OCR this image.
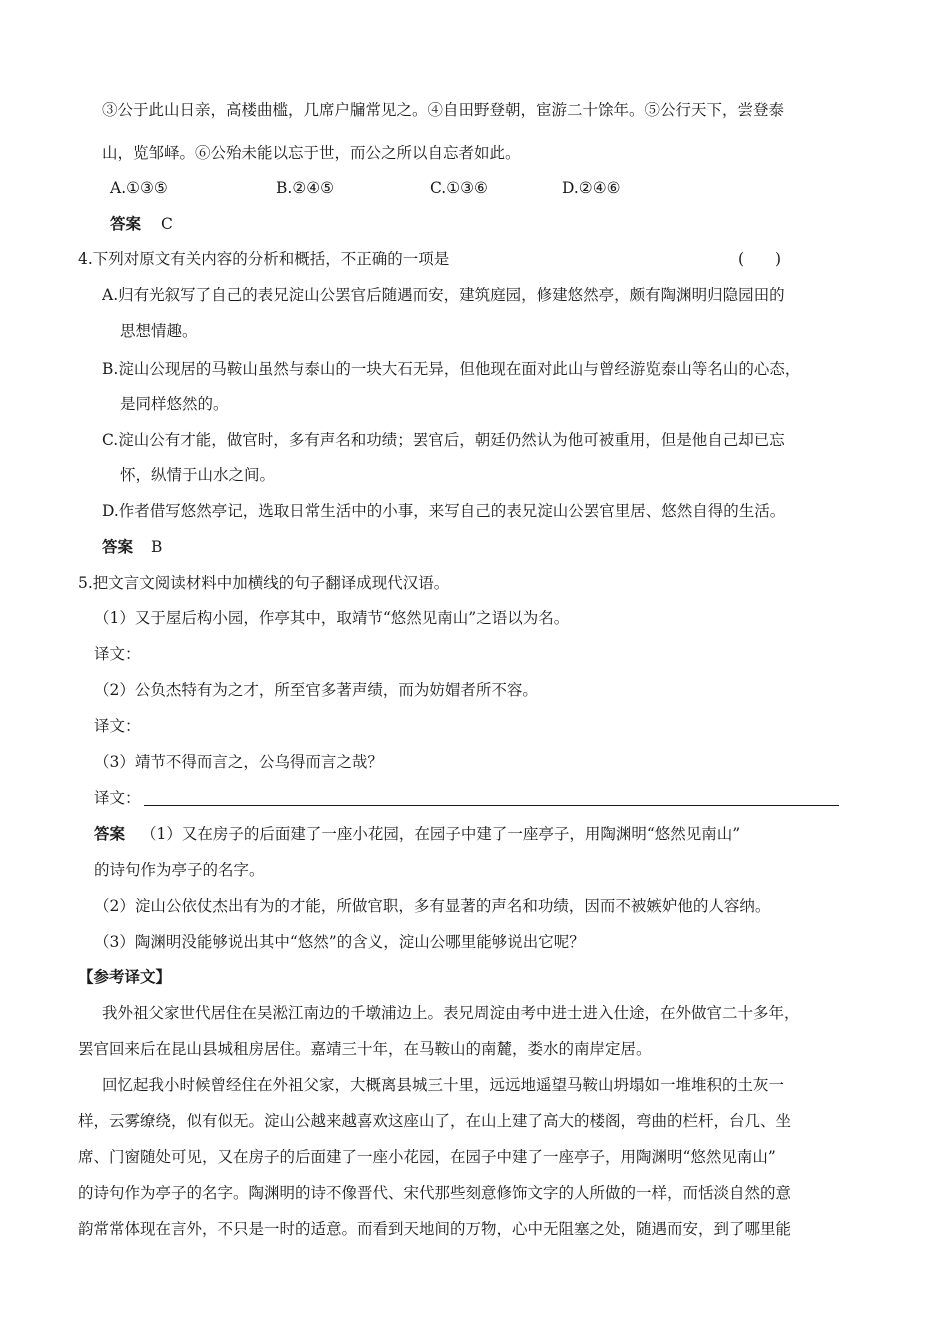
③公于此山日亲，高楼曲槛，几席户牖常见之。④自田野登朝，宦游二十馀年。⑤公行天下，尝登泰
山，览邹峄。⑥公殆未能以忘于世，而公之所以自忘者如此。
A.①③⑤	B.②④⑤	C.①③⑥	D.②④⑥
答案 C
4.下列对原文有关内容的分析和概括，不正确的一项是	(　　)
A.归有光叙写了自己的表兄淀山公罢官后随遇而安，建筑庭园，修建悠然亭，颇有陶渊明归隐园田的
思想情趣。
B.淀山公现居的马鞍山虽然与泰山的一块大石无异，但他现在面对此山与曾经游览泰山等名山的心态，
是同样悠然的。
C.淀山公有才能，做官时，多有声名和功绩；罢官后，朝廷仍然认为他可被重用，但是他自己却已忘
怀，纵情于山水之间。
D.作者借写悠然亭记，选取日常生活中的小事，来写自己的表兄淀山公罢官里居、悠然自得的生活。
答案 B
5.把文言文阅读材料中加横线的句子翻译成现代汉语。
（1）又于屋后构小园，作亭其中，取靖节“悠然见南山”之语以为名。
译文：
（2）公负杰特有为之才，所至官多著声绩，而为妨媢者所不容。
译文：
（3）靖节不得而言之，公乌得而言之哉？
译文：
答案 （1）又在房子的后面建了一座小花园，在园子中建了一座亭子，用陶渊明“悠然见南山”
的诗句作为亭子的名字。
（2）淀山公依仗杰出有为的才能，所做官职，多有显著的声名和功绩，因而不被嫉妒他的人容纳。
（3）陶渊明没能够说出其中“悠然”的含义，淀山公哪里能够说出它呢？
【参考译文】
我外祖父家世代居住在吴淞江南边的千墩浦边上。表兄周淀由考中进士进入仕途，在外做官二十多年，
罢官回来后在昆山县城租房居住。嘉靖三十年，在马鞍山的南麓，娄水的南岸定居。
回忆起我小时候曾经住在外祖父家，大概离县城三十里，远远地遥望马鞍山坍塌如一堆堆积的土灰一
样，云雾缭绕，似有似无。淀山公越来越喜欢这座山了，在山上建了高大的楼阁，弯曲的栏杆，台几、坐
席、门窗随处可见，又在房子的后面建了一座小花园，在园子中建了一座亭子，用陶渊明“悠然见南山”
的诗句作为亭子的名字。陶渊明的诗不像晋代、宋代那些刻意修饰文字的人所做的一样，而恬淡自然的意
韵常常体现在言外，不只是一时的适意。而看到天地间的万物，心中无阻塞之处，随遇而安，到了哪里能
